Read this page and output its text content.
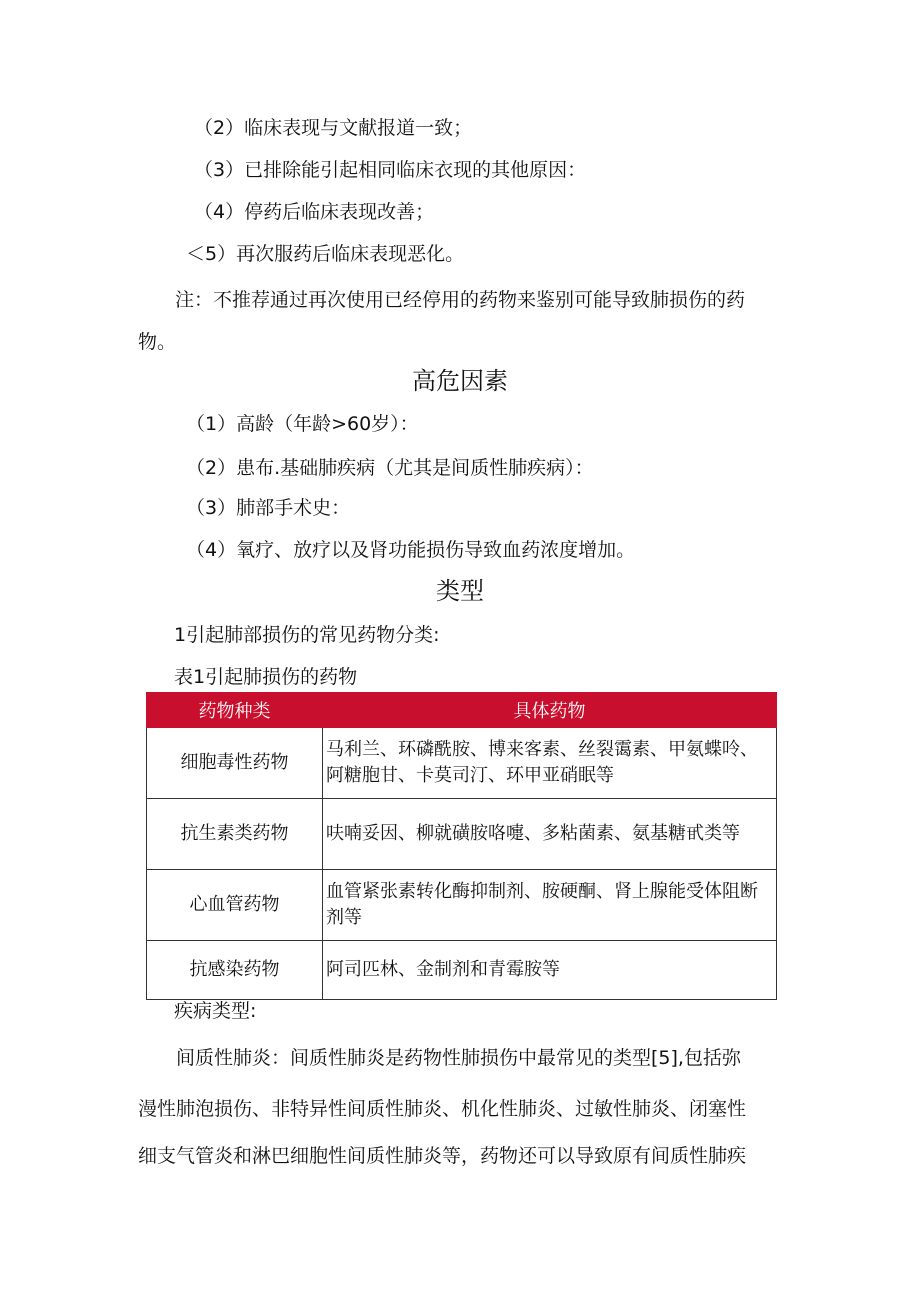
（2）临床表现与文献报道一致；
（3）已排除能引起相同临床衣现的其他原因：
（4）停药后临床表现改善；
＜5）再次服药后临床表现恶化。
注：不推荐通过再次使用已经停用的药物来鉴别可能导致肺损伤的药
物。
高危因素
（1）高龄（年龄>60岁）：
（2）患布.基础肺疾病（尤其是间质性肺疾病）：
（3）肺部手术史：
（4）氧疗、放疗以及肾功能损伤导致血药浓度增加。
类型
1引起肺部损伤的常见药物分类:
表1引起肺损伤的药物
药物种类	具体药物
细胞毒性药物	马利兰、环磷酰胺、博来客素、丝裂霭素、甲氨蝶呤、阿糖胞甘、卡莫司汀、环甲亚硝眠等
抗生素类药物	呋喃妥因、柳就磺胺咯嚏、多粘菌素、氨基糖甙类等
心血管药物	血管紧张素转化酶抑制剂、胺硬酮、肾上腺能受体阻断剂等
抗感染药物	阿司匹林、金制剂和青霉胺等
疾病类型:
间质性肺炎：间质性肺炎是药物性肺损伤中最常见的类型[5],包括弥
漫性肺泡损伤、非特异性间质性肺炎、机化性肺炎、过敏性肺炎、闭塞性
细支气管炎和淋巴细胞性间质性肺炎等，药物还可以导致原有间质性肺疾
